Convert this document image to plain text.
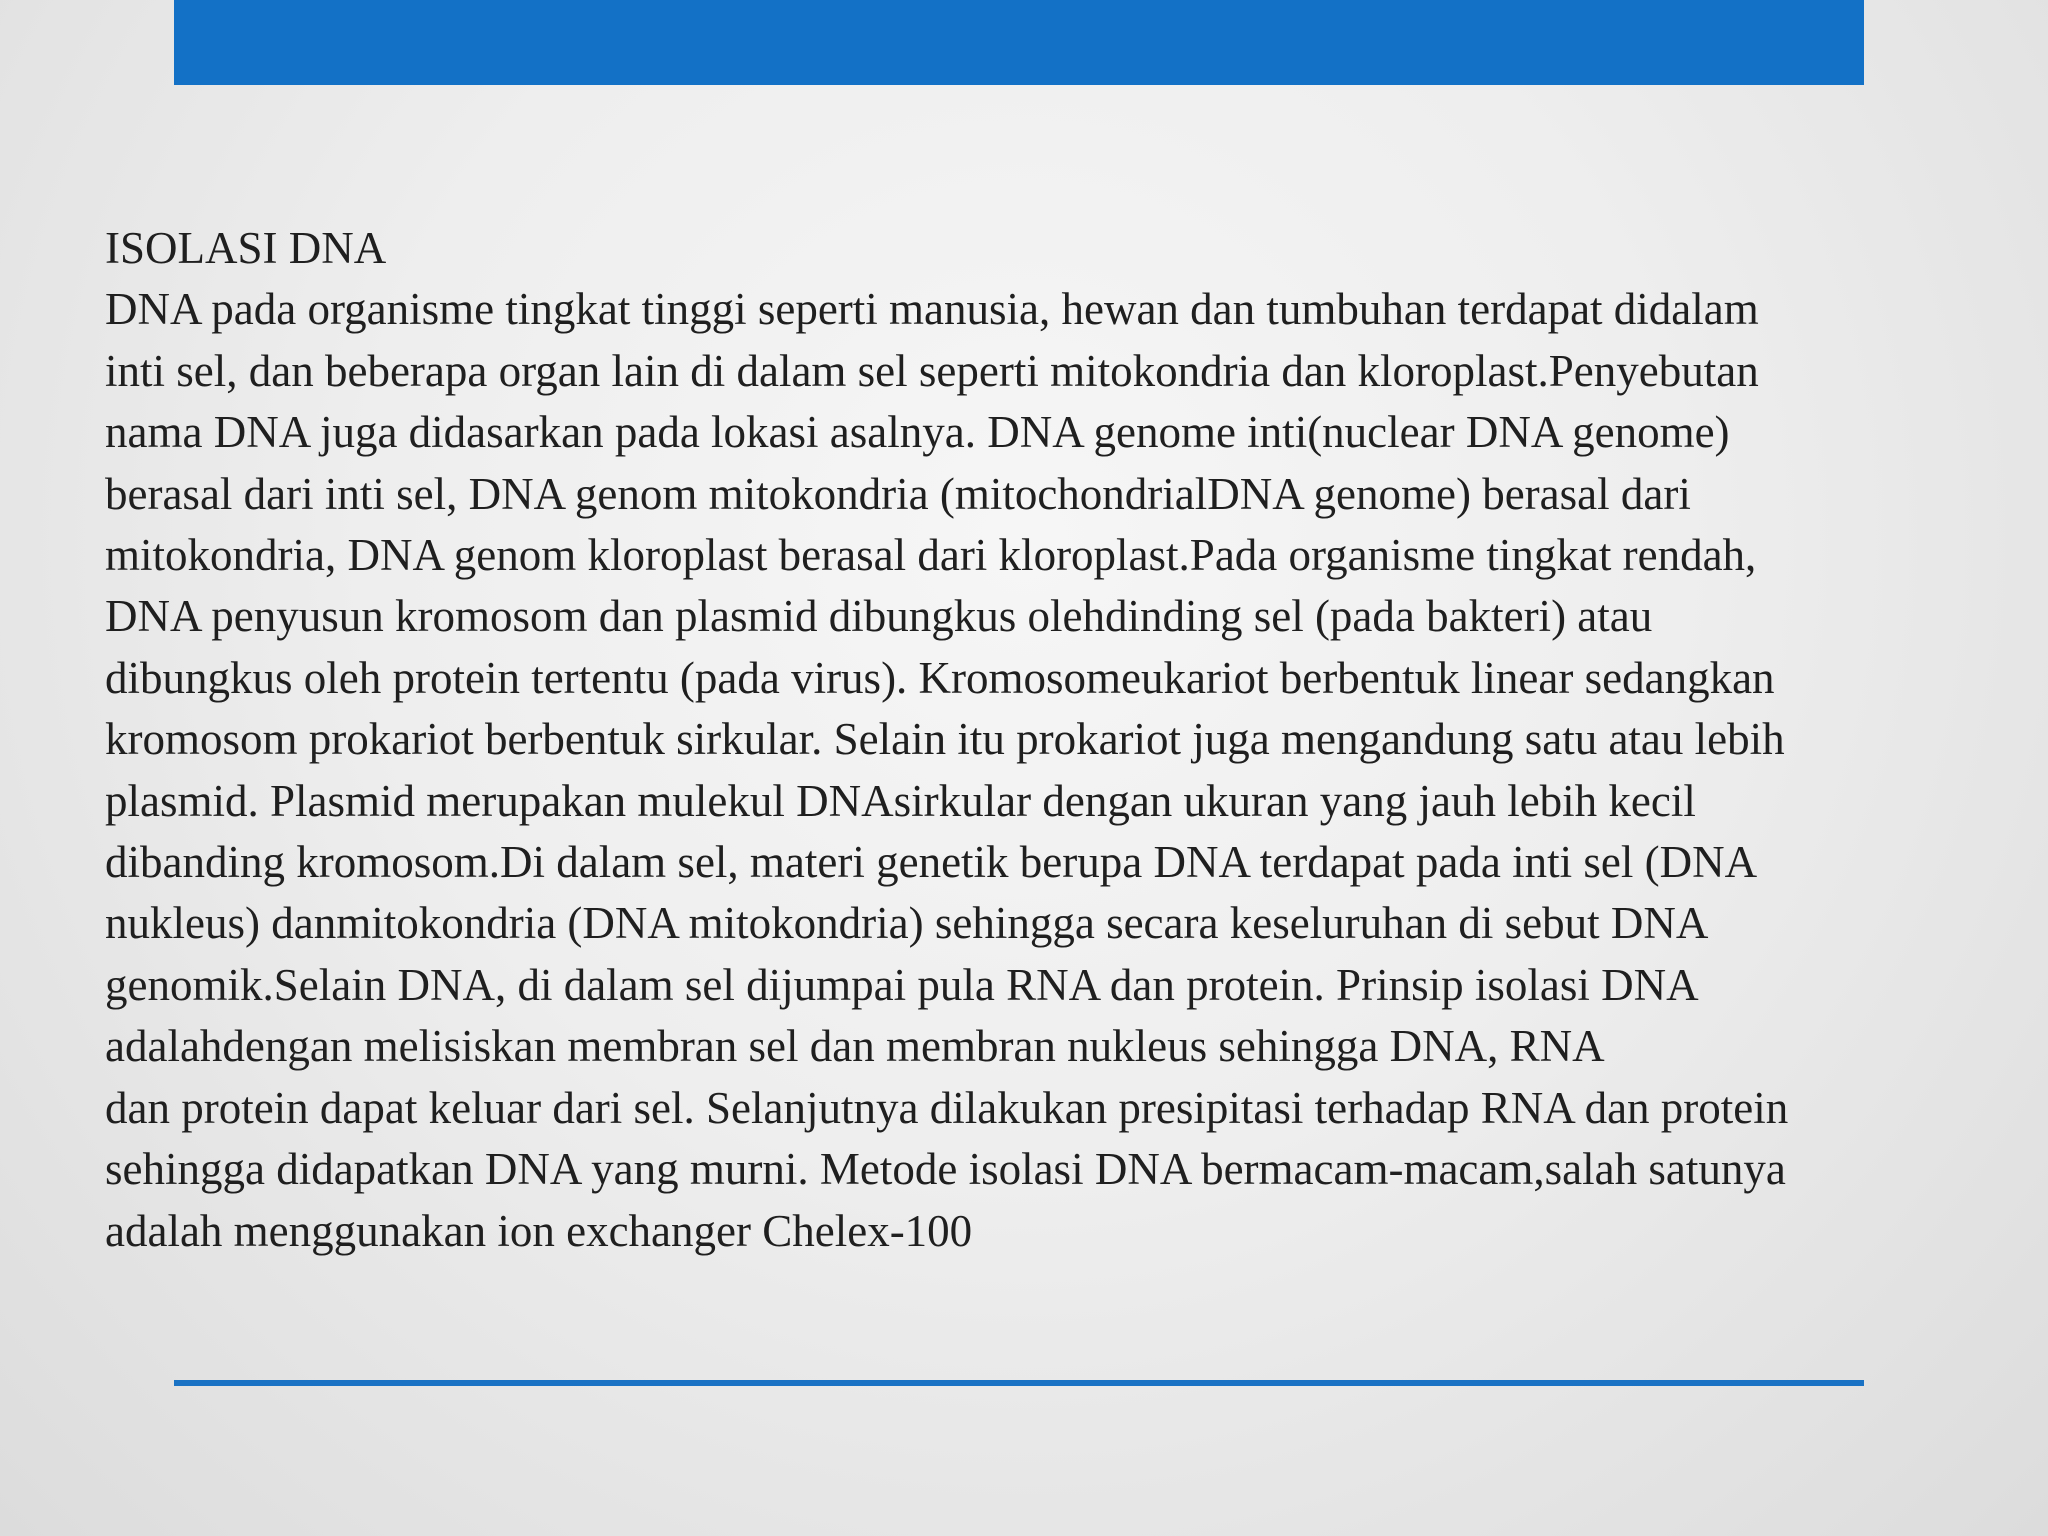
ISOLASI DNA
DNA pada organisme tingkat tinggi seperti manusia, hewan dan tumbuhan terdapat didalam
inti sel, dan beberapa organ lain di dalam sel seperti mitokondria dan kloroplast.Penyebutan
nama DNA juga didasarkan pada lokasi asalnya. DNA genome inti(nuclear DNA genome)
berasal dari inti sel, DNA genom mitokondria (mitochondrialDNA genome) berasal dari
mitokondria, DNA genom kloroplast berasal dari kloroplast.Pada organisme tingkat rendah,
DNA penyusun kromosom dan plasmid dibungkus olehdinding sel (pada bakteri) atau
dibungkus oleh protein tertentu (pada virus). Kromosomeukariot berbentuk linear sedangkan
kromosom prokariot berbentuk sirkular. Selain itu prokariot juga mengandung satu atau lebih
plasmid. Plasmid merupakan mulekul DNAsirkular dengan ukuran yang jauh lebih kecil
dibanding kromosom.Di dalam sel, materi genetik berupa DNA terdapat pada inti sel (DNA
nukleus) danmitokondria (DNA mitokondria) sehingga secara keseluruhan di sebut DNA
genomik.Selain DNA, di dalam sel dijumpai pula RNA dan protein. Prinsip isolasi DNA
adalahdengan melisiskan membran sel dan membran nukleus sehingga DNA, RNA
dan protein dapat keluar dari sel. Selanjutnya dilakukan presipitasi terhadap RNA dan protein
sehingga didapatkan DNA yang murni. Metode isolasi DNA bermacam-macam,salah satunya
adalah menggunakan ion exchanger Chelex-100
